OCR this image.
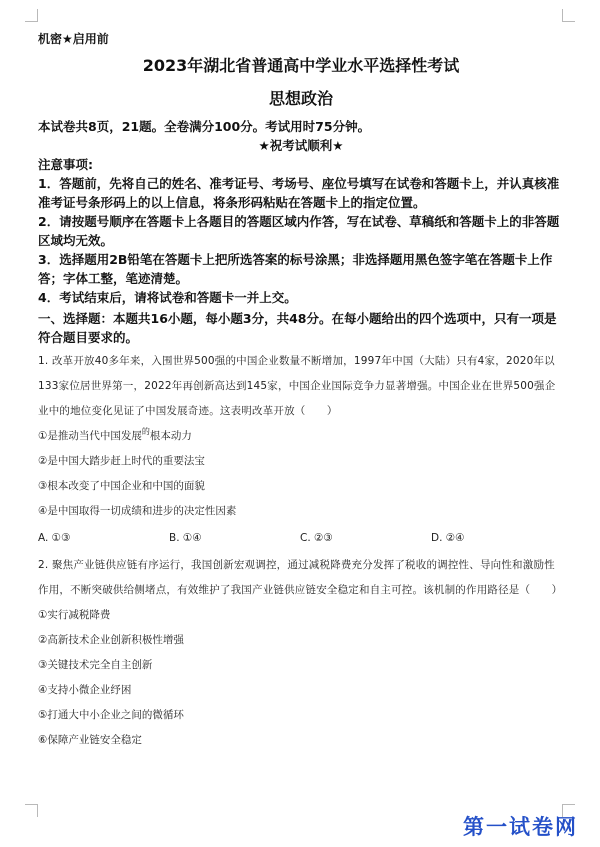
机密★启用前
2023年湖北省普通高中学业水平选择性考试
思想政治
本试卷共8页，21题。全卷满分100分。考试用时75分钟。
★祝考试顺利★
注意事项:
1．答题前，先将自己的姓名、准考证号、考场号、座位号填写在试卷和答题卡上，并认真核准准考证号条形码上的以上信息，将条形码粘贴在答题卡上的指定位置。
2．请按题号顺序在答题卡上各题目的答题区域内作答，写在试卷、草稿纸和答题卡上的非答题区域均无效。
3．选择题用2B铅笔在答题卡上把所选答案的标号涂黑；非选择题用黑色签字笔在答题卡上作答；字体工整，笔迹清楚。
4．考试结束后，请将试卷和答题卡一并上交。
一、选择题：本题共16小题，每小题3分，共48分。在每小题给出的四个选项中，只有一项是符合题目要求的。
1. 改革开放40多年来，入围世界500强的中国企业数量不断增加，1997年中国（大陆）只有4家，2020年以133家位居世界第一，2022年再创新高达到145家，中国企业国际竞争力显著增强。中国企业在世界500强企业中的地位变化见证了中国发展奇迹。这表明改革开放（　　）
①是推动当代中国发展$^的$根本动力
②是中国大踏步赶上时代的重要法宝
③根本改变了中国企业和中国的面貌
④是中国取得一切成绩和进步的决定性因素
A. ①③	B. ①④	C. ②③	D. ②④
2. 聚焦产业链供应链有序运行，我国创新宏观调控，通过减税降费充分发挥了税收的调控性、导向性和激励性作用，不断突破供给侧堵点，有效维护了我国产业链供应链安全稳定和自主可控。该机制的作用路径是（　　）
①实行减税降费
②高新技术企业创新积极性增强
③关键技术完全自主创新
④支持小微企业纾困
⑤打通大中小企业之间的微循环
⑥保障产业链安全稳定
第一试卷网
